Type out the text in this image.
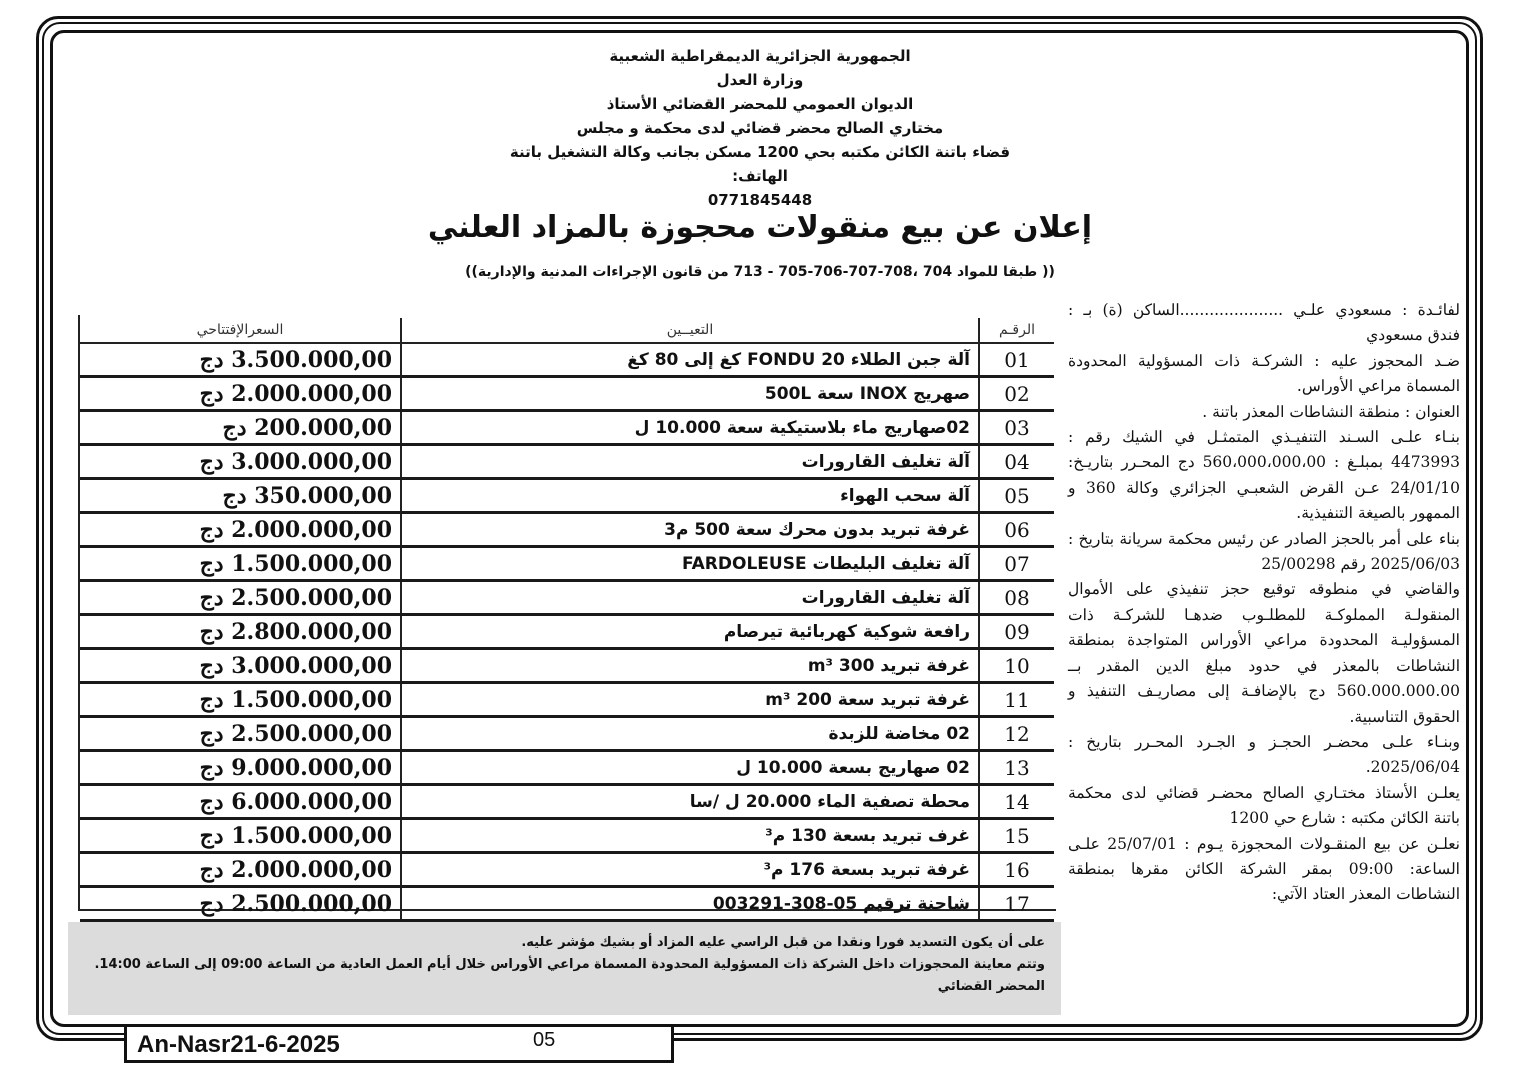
الجمهورية الجزائرية الديمقراطية الشعبية
وزارة العدل
الديوان العمومي للمحضر القضائي الأستاذ
مختاري الصالح محضر قضائي لدى محكمة و مجلس
قضاء باتنة الكائن مكتبه بحي 1200 مسكن بجانب وكالة التشغيل باتنة
الهاتف:
0771845448
إعلان عن بيع منقولات محجوزة بالمزاد العلني
(( طبقا للمواد 704 ،708-707-706-705 - 713 من قانون الإجراءات المدنية والإدارية))

لفائـدة : مسعودي علـي .....................الساكن (ة) بـ : فندق مسعودي

ضـد المحجوز عليه : الشركـة ذات المسؤولية المحدودة المسماة مراعي الأوراس.

العنوان : منطقة النشاطات المعذر باتنة .

بنـاء علـى السـند التنفيـذي المتمثـل في الشيك رقم : 4473993 بمبلـغ : 560،000،000،00 دج المحـرر بتاريـخ: 24/01/10 عـن القرض الشعبـي الجزائري وكالة 360 و الممهور بالصيغة التنفيذية.

بناء على أمر بالحجز الصادر عن رئيس محكمة سريانة بتاريخ : 2025/06/03 رقم 25/00298

والقاضي في منطوقه توقيع حجز تنفيذي على الأموال المنقولـة المملوكـة للمطلـوب ضدهـا للشركـة ذات المسؤوليـة المحدودة مراعي الأوراس المتواجدة بمنطقة النشاطات بالمعذر في حدود مبلغ الدين المقدر بــ 560.000.000.00 دج بالإضافـة إلى مصاريـف التنفيذ و الحقوق التناسبية.

وبنـاء علـى محضـر الحجـز و الجـرد المحـرر بتاريخ : 2025/06/04.

يعلـن الأستاذ مختـاري الصالح محضـر قضائي لدى محكمة باتنة الكائن مكتبه : شارع حي 1200

نعلـن عن بيع المنقـولات المحجوزة يـوم : 25/07/01 علـى الساعة: 09:00 بمقر الشركة الكائن مقرها بمنطقة النشاطات المعذر العتاد الآتي:

الرقـم	التعيــين	السعرالإفتتاحي
01	آلة جبن الطلاء FONDU 20 كغ إلى 80 كغ	3.500.000,00 دج
02	صهريج INOX سعة 500L	2.000.000,00 دج
03	02صهاريج ماء بلاستيكية سعة 10.000 ل	200.000,00 دج
04	آلة تغليف القارورات	3.000.000,00 دج
05	آلة سحب الهواء	350.000,00 دج
06	غرفة تبريد بدون محرك سعة 500 م3	2.000.000,00 دج
07	آلة تغليف البليطات FARDOLEUSE	1.500.000,00 دج
08	آلة تغليف القارورات	2.500.000,00 دج
09	رافعة شوكية كهربائية تيرصام	2.800.000,00 دج
10	غرفة تبريد 300 m³	3.000.000,00 دج
11	غرفة تبريد سعة 200 m³	1.500.000,00 دج
12	02 مخاضة للزبدة	2.500.000,00 دج
13	02 صهاريج بسعة 10.000 ل	9.000.000,00 دج
14	محطة تصفية الماء 20.000 ل /سا	6.000.000,00 دج
15	غرف تبريد بسعة 130 م³	1.500.000,00 دج
16	غرفة تبريد بسعة 176 م³	2.000.000,00 دج
17	شاحنة ترقيم 05-308-003291	2.500.000,00 دج
على أن يكون التسديد فورا ونقدا من قبل الراسي عليه المزاد أو بشيك مؤشر عليه.
وتتم معاينة المحجوزات داخل الشركة ذات المسؤولية المحدودة المسماة مراعي الأوراس خلال أيام العمل العادية من الساعة 09:00 إلى الساعة 14:00.
المحضر القضائي
An-Nasr21-6-2025	05
